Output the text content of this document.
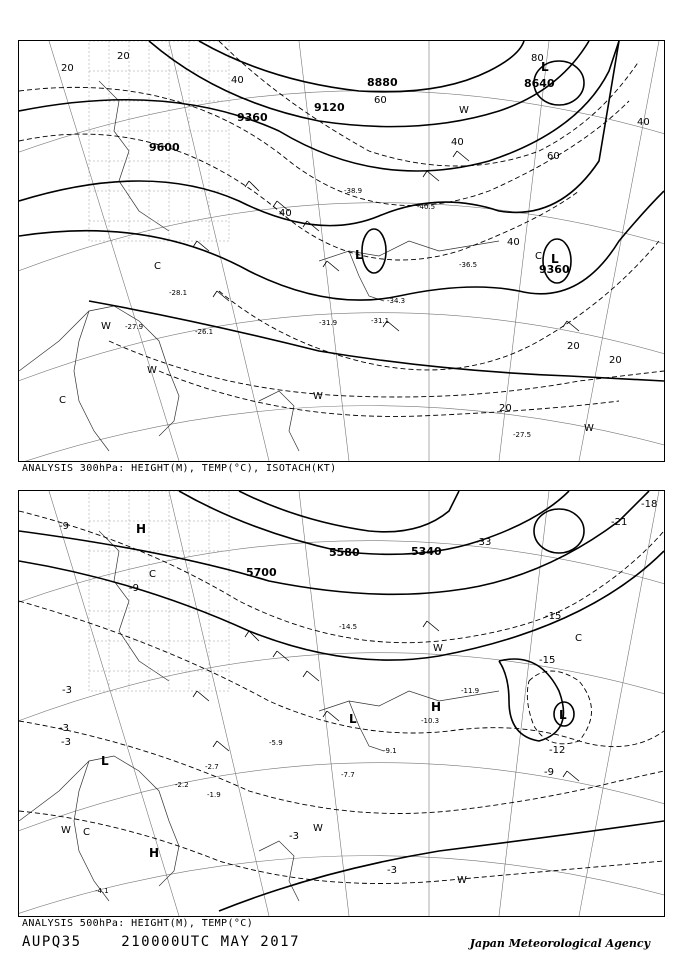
9120
9360
9600
8880	8640
9360
20
20
40
40
60
40
60
80
40
40
20
20
20
-40.5
-38.9
-36.5
-34.3
-31.9	-31.1
-27.5
-26.1
-28.1
-27.9
L	L
L
C
C
W
W
W
W
C
W
ANALYSIS 300hPa: HEIGHT(M), TEMP(°C), ISOTACH(KT)
5700
5580	5340
-3
-3
-3
-3
-9
-9
-12
-15
-15
-18
-21
-33
-3
-9
-14.5
-11.9
-10.3
-9.1
-7.7
-5.9
-2.7
-1.9
-2.2
-4.1
H
H
H
L
L
L
C
C
C
W	W
W
W
ANALYSIS 500hPa: HEIGHT(M), TEMP(°C)
AUPQ35	210000UTC MAY 2017	Japan Meteorological Agency
